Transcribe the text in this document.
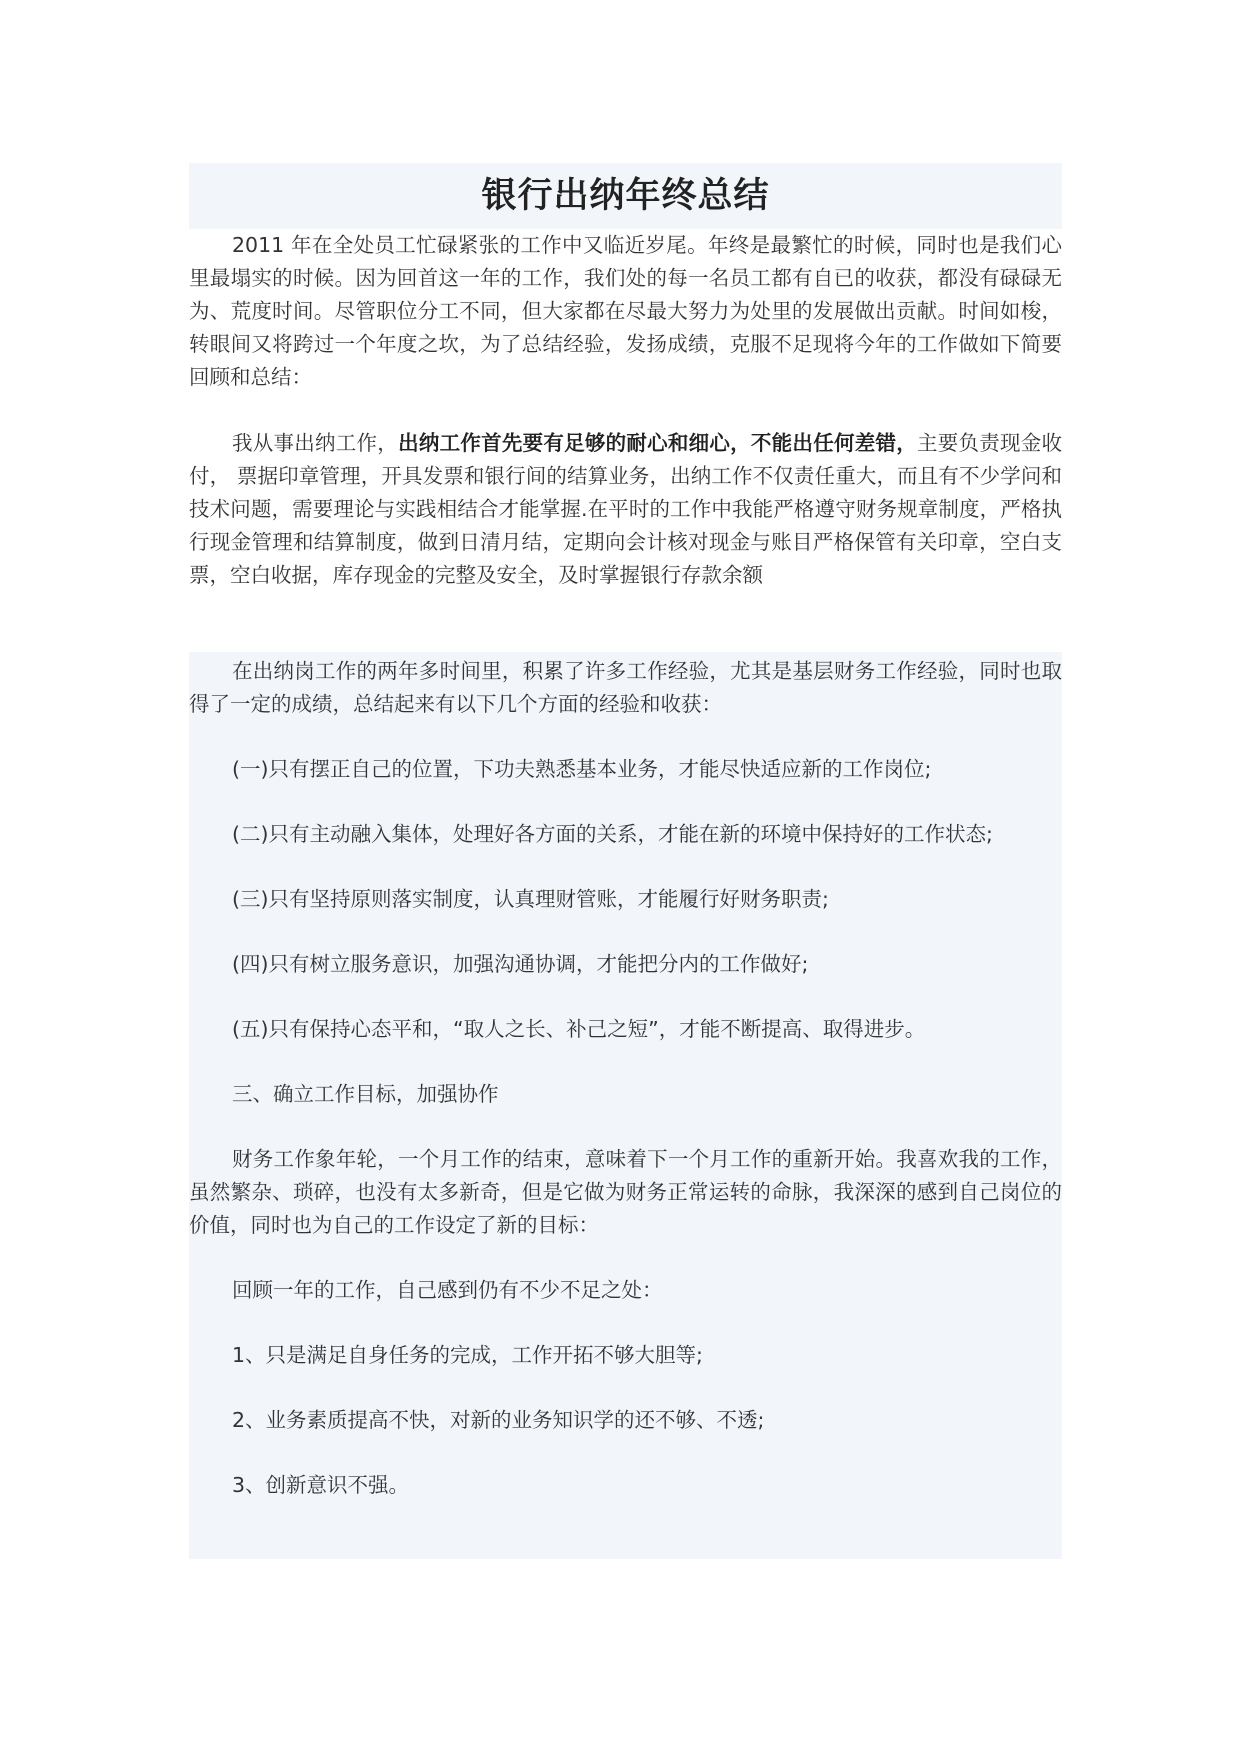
银行出纳年终总结

2011 年在全处员工忙碌紧张的工作中又临近岁尾。年终是最繁忙的时候，同时也是我们心里最塌实的时候。因为回首这一年的工作，我们处的每一名员工都有自已的收获，都没有碌碌无为、荒度时间。尽管职位分工不同，但大家都在尽最大努力为处里的发展做出贡献。时间如梭，转眼间又将跨过一个年度之坎，为了总结经验，发扬成绩，克服不足现将今年的工作做如下简要回顾和总结：

我从事出纳工作，出纳工作首先要有足够的耐心和细心，不能出任何差错，主要负责现金收付， 票据印章管理，开具发票和银行间的结算业务，出纳工作不仅责任重大，而且有不少学问和技术问题，需要理论与实践相结合才能掌握.在平时的工作中我能严格遵守财务规章制度，严格执行现金管理和结算制度，做到日清月结，定期向会计核对现金与账目严格保管有关印章，空白支票，空白收据，库存现金的完整及安全，及时掌握银行存款余额

在出纳岗工作的两年多时间里，积累了许多工作经验，尤其是基层财务工作经验，同时也取得了一定的成绩，总结起来有以下几个方面的经验和收获：

(一)只有摆正自己的位置，下功夫熟悉基本业务，才能尽快适应新的工作岗位;

(二)只有主动融入集体，处理好各方面的关系，才能在新的环境中保持好的工作状态;

(三)只有坚持原则落实制度，认真理财管账，才能履行好财务职责;

(四)只有树立服务意识，加强沟通协调，才能把分内的工作做好;

(五)只有保持心态平和，“取人之长、补己之短”，才能不断提高、取得进步。

三、确立工作目标，加强协作

财务工作象年轮，一个月工作的结束，意味着下一个月工作的重新开始。我喜欢我的工作，虽然繁杂、琐碎，也没有太多新奇，但是它做为财务正常运转的命脉，我深深的感到自己岗位的价值，同时也为自己的工作设定了新的目标：

回顾一年的工作，自己感到仍有不少不足之处：

1、只是满足自身任务的完成，工作开拓不够大胆等;

2、业务素质提高不快，对新的业务知识学的还不够、不透;

3、创新意识不强。
